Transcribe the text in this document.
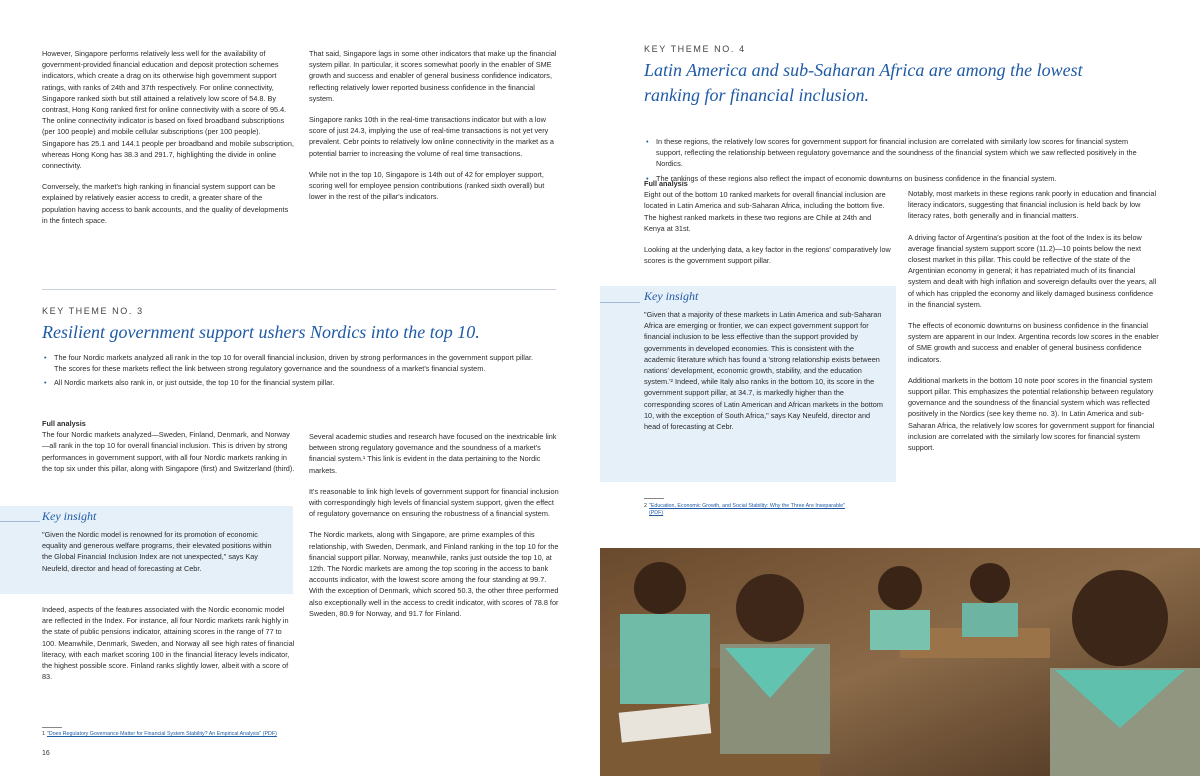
However, Singapore performs relatively less well for the availability of government-provided financial education and deposit protection schemes indicators, which create a drag on its otherwise high government support ratings, with ranks of 24th and 37th respectively. For online connectivity, Singapore ranked sixth but still attained a relatively low score of 54.8. By contrast, Hong Kong ranked first for online connectivity with a score of 95.4. The online connectivity indicator is based on fixed broadband subscriptions (per 100 people) and mobile cellular subscriptions (per 100 people). Singapore has 25.1 and 144.1 people per broadband and mobile subscription, whereas Hong Kong has 38.3 and 291.7, highlighting the divide in online connectivity.

Conversely, the market's high ranking in financial system support can be explained by relatively easier access to credit, a greater share of the population having access to bank accounts, and the quality of developments in the fintech space.

That said, Singapore lags in some other indicators that make up the financial system pillar. In particular, it scores somewhat poorly in the enabler of SME growth and success and enabler of general business confidence indicators, reflecting relatively lower reported business confidence in the financial system.

Singapore ranks 10th in the real-time transactions indicator but with a low score of just 24.3, implying the use of real-time transactions is not yet very prevalent. Cebr points to relatively low online connectivity in the market as a potential barrier to increasing the volume of real time transactions.

While not in the top 10, Singapore is 14th out of 42 for employer support, scoring well for employee pension contributions (ranked sixth overall) but lower in the rest of the pillar's indicators.

KEY THEME NO. 3
Resilient government support ushers Nordics into the top 10.
• The four Nordic markets analyzed all rank in the top 10 for overall financial inclusion, driven by strong performances in the government support pillar. The scores for these markets reflect the link between strong regulatory governance and the soundness of a market's financial system.
• All Nordic markets also rank in, or just outside, the top 10 for the financial system pillar.
Full analysis

The four Nordic markets analyzed—Sweden, Finland, Denmark, and Norway—all rank in the top 10 for overall financial inclusion. This is driven by strong performances in government support, with all four Nordic markets ranking in the top six under this pillar, along with Singapore (first) and Switzerland (third).

Key insight
"Given the Nordic model is renowned for its promotion of economic equality and generous welfare programs, their elevated positions within the Global Financial Inclusion Index are not unexpected," says Kay Neufeld, director and head of forecasting at Cebr.

Indeed, aspects of the features associated with the Nordic economic model are reflected in the Index. For instance, all four Nordic markets rank highly in the state of public pensions indicator, attaining scores in the range of 77 to 100. Meanwhile, Denmark, Sweden, and Norway all see high rates of financial literacy, with each market scoring 100 in the financial literacy levels indicator, the highest possible score. Finland ranks slightly lower, albeit with a score of 83.

Several academic studies and research have focused on the inextricable link between strong regulatory governance and the soundness of a market's financial system.¹ This link is evident in the data pertaining to the Nordic markets.

It's reasonable to link high levels of government support for financial inclusion with correspondingly high levels of financial system support, given the effect of regulatory governance on ensuring the robustness of a financial system.

The Nordic markets, along with Singapore, are prime examples of this relationship, with Sweden, Denmark, and Finland ranking in the top 10 for the financial support pillar. Norway, meanwhile, ranks just outside the top 10, at 12th. The Nordic markets are among the top scoring in the access to bank accounts indicator, with the lowest score among the four standing at 99.7. With the exception of Denmark, which scored 50.3, the other three performed also exceptionally well in the access to credit indicator, with scores of 78.8 for Sweden, 80.9 for Norway, and 91.7 for Finland.

1 "Does Regulatory Governance Matter for Financial System Stability? An Empirical Analysis" (PDF)
16
KEY THEME NO. 4
Latin America and sub-Saharan Africa are among the lowest ranking for financial inclusion.
• In these regions, the relatively low scores for government support for financial inclusion are correlated with similarly low scores for financial system support, reflecting the relationship between regulatory governance and the soundness of the financial system which we saw reflected positively in the Nordics.
• The rankings of these regions also reflect the impact of economic downturns on business confidence in the financial system.
Full analysis

Eight out of the bottom 10 ranked markets for overall financial inclusion are located in Latin America and sub-Saharan Africa, including the bottom five. The highest ranked markets in these two regions are Chile at 24th and Kenya at 31st.

Looking at the underlying data, a key factor in the regions' comparatively low scores is the government support pillar.

Key insight
"Given that a majority of these markets in Latin America and sub-Saharan Africa are emerging or frontier, we can expect government support for financial inclusion to be less effective than the support provided by governments in developed economies. This is consistent with the academic literature which has found a 'strong relationship exists between nations' development, economic growth, stability, and the education system.'² Indeed, while Italy also ranks in the bottom 10, its score in the government support pillar, at 34.7, is markedly higher than the corresponding scores of Latin American and African markets in the bottom 10, with the exception of South Africa," says Kay Neufeld, director and head of forecasting at Cebr.

Notably, most markets in these regions rank poorly in education and financial literacy indicators, suggesting that financial inclusion is held back by low literacy rates, both generally and in financial matters.

A driving factor of Argentina's position at the foot of the Index is its below average financial system support score (11.2)—10 points below the next closest market in this pillar. This could be reflective of the state of the Argentinian economy in general; it has repatriated much of its financial system and dealt with high inflation and sovereign defaults over the years, all of which has crippled the economy and likely damaged business confidence in the financial system.

The effects of economic downturns on business confidence in the financial system are apparent in our Index. Argentina records low scores in the enabler of SME growth and success and enabler of general business confidence indicators.

Additional markets in the bottom 10 note poor scores in the financial system support pillar. This emphasizes the potential relationship between regulatory governance and the soundness of the financial system which was reflected positively in the Nordics (see key theme no. 3). In Latin America and sub-Saharan Africa, the relatively low scores for government support for financial inclusion are correlated with the similarly low scores for financial system support.

2 "Education, Economic Growth, and Social Stability: Why the Three Are Inseparable" (PDF)
